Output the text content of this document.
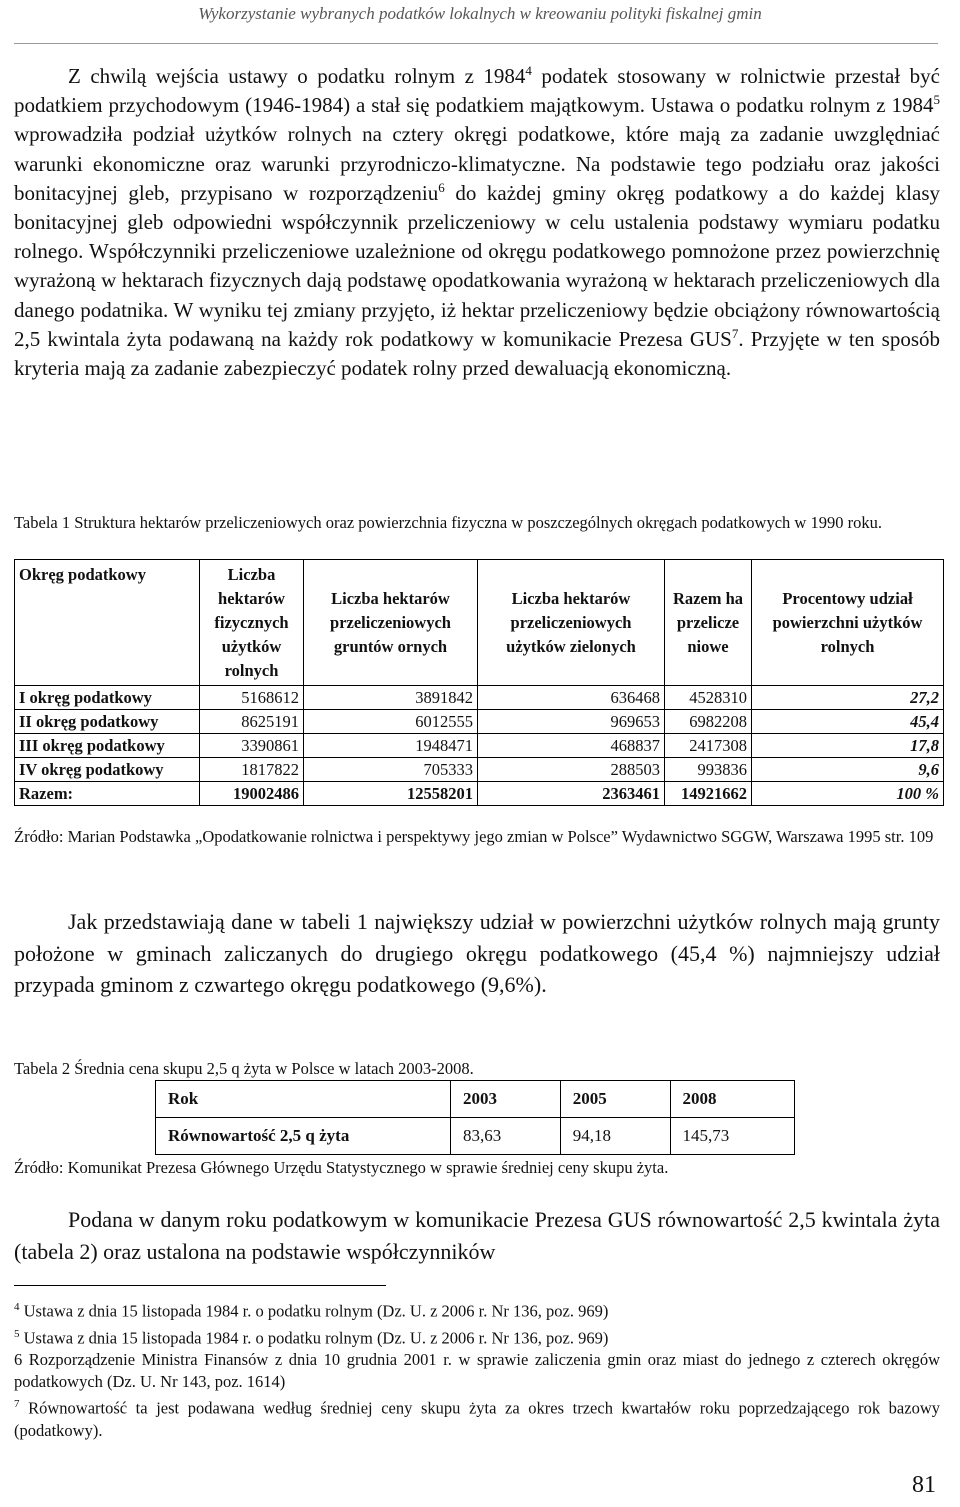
Wykorzystanie wybranych podatków lokalnych w kreowaniu polityki fiskalnej gmin

Z chwilą wejścia ustawy o podatku rolnym z 1984$^4$ podatek stosowany w rolnictwie przestał być podatkiem przychodowym (1946-1984) a stał się podatkiem majątkowym. Ustawa o podatku rolnym z 1984$^5$ wprowadziła podział użytków rolnych na cztery okręgi podatkowe, które mają za zadanie uwzględniać warunki ekonomiczne oraz warunki przyrodniczo-klimatyczne. Na podstawie tego podziału oraz jakości bonitacyjnej gleb, przypisano w rozporządzeniu$^6$ do każdej gminy okręg podatkowy a do każdej klasy bonitacyjnej gleb odpowiedni współczynnik przeliczeniowy w celu ustalenia podstawy wymiaru podatku rolnego. Współczynniki przeliczeniowe uzależnione od okręgu podatkowego pomnożone przez powierzchnię wyrażoną w hektarach fizycznych dają podstawę opodatkowania wyrażoną w hektarach przeliczeniowych dla danego podatnika. W wyniku tej zmiany przyjęto, iż hektar przeliczeniowy będzie obciążony równowartością 2,5 kwintala żyta podawaną na każdy rok podatkowy w komunikacie Prezesa GUS$^7$. Przyjęte w ten sposób kryteria mają za zadanie zabezpieczyć podatek rolny przed dewaluacją ekonomiczną.

Tabela 1 Struktura hektarów przeliczeniowych oraz powierzchnia fizyczna w poszczególnych okręgach podatkowych w 1990 roku.

Okręg podatkowy	Liczba hektarów fizycznych użytków rolnych	Liczba hektarów przeliczeniowych gruntów ornych	Liczba hektarów przeliczeniowych użytków zielonych	Razem ha przelicze niowe	Procentowy udział powierzchni użytków rolnych
I okręg podatkowy	5168612	3891842	636468	4528310	27,2
II okręg podatkowy	8625191	6012555	969653	6982208	45,4
III okręg podatkowy	3390861	1948471	468837	2417308	17,8
IV okręg podatkowy	1817822	705333	288503	993836	9,6
Razem:	19002486	12558201	2363461	14921662	100 %

Źródło: Marian Podstawka „Opodatkowanie rolnictwa i perspektywy jego zmian w Polsce” Wydawnictwo SGGW, Warszawa 1995 str. 109

Jak przedstawiają dane w tabeli 1 największy udział w powierzchni użytków rolnych mają grunty położone w gminach zaliczanych do drugiego okręgu podatkowego (45,4 %) najmniejszy udział przypada gminom z czwartego okręgu podatkowego (9,6%).

Tabela 2 Średnia cena skupu 2,5 q żyta w Polsce w latach 2003-2008.

Rok	2003	2005	2008
Równowartość 2,5 q żyta	83,63	94,18	145,73

Źródło: Komunikat Prezesa Głównego Urzędu Statystycznego w sprawie średniej ceny skupu żyta.

Podana w danym roku podatkowym w komunikacie Prezesa GUS równowartość 2,5 kwintala żyta (tabela 2) oraz ustalona na podstawie współczynników

$^4$ Ustawa z dnia 15 listopada 1984 r. o podatku rolnym (Dz. U. z 2006 r. Nr 136, poz. 969)

$^5$ Ustawa z dnia 15 listopada 1984 r. o podatku rolnym (Dz. U. z 2006 r. Nr 136, poz. 969)

6 Rozporządzenie Ministra Finansów z dnia 10 grudnia 2001 r. w sprawie zaliczenia gmin oraz miast do jednego z czterech okręgów podatkowych (Dz. U. Nr 143, poz. 1614)

$^7$ Równowartość ta jest podawana według średniej ceny skupu żyta za okres trzech kwartałów roku poprzedzającego rok bazowy (podatkowy).

81
